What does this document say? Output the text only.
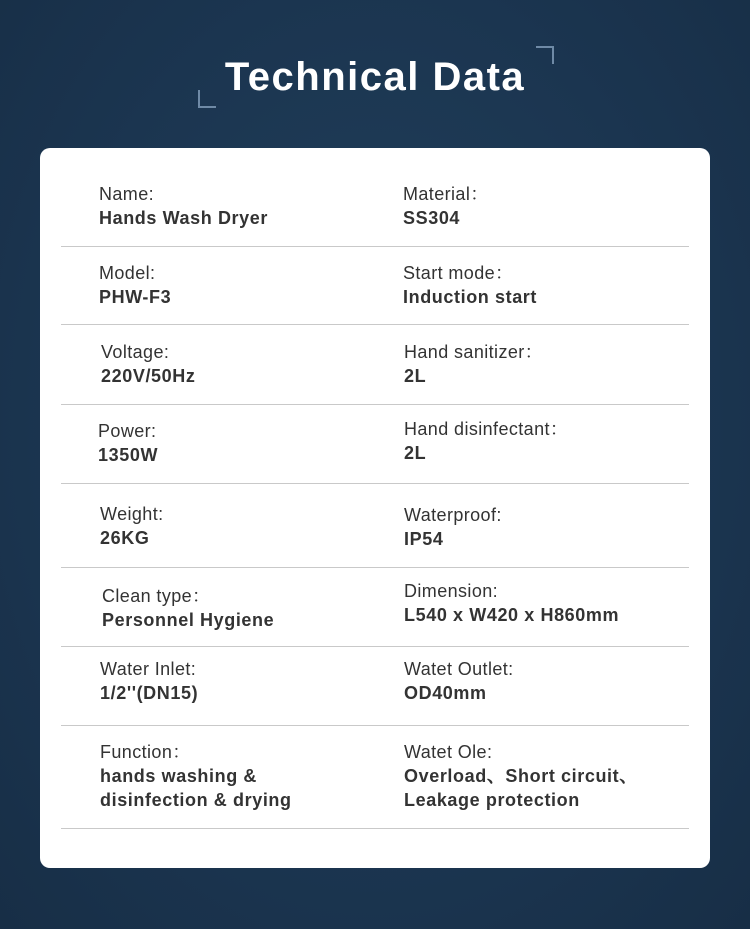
Technical Data
Name:
Hands Wash Dryer
Material：
SS304
Model:
PHW-F3
Start mode：
Induction start
Voltage:
220V/50Hz
Hand sanitizer：
2L
Power:
1350W
Hand disinfectant：
2L
Weight:
26KG
Waterproof:
IP54
Clean type：
Personnel Hygiene
Dimension:
L540 x W420 x H860mm
Water Inlet:
1/2''(DN15)
Watet Outlet:
OD40mm
Function：
hands washing &
disinfection & drying
Watet Ole:
Overload、Short circuit、
Leakage protection
